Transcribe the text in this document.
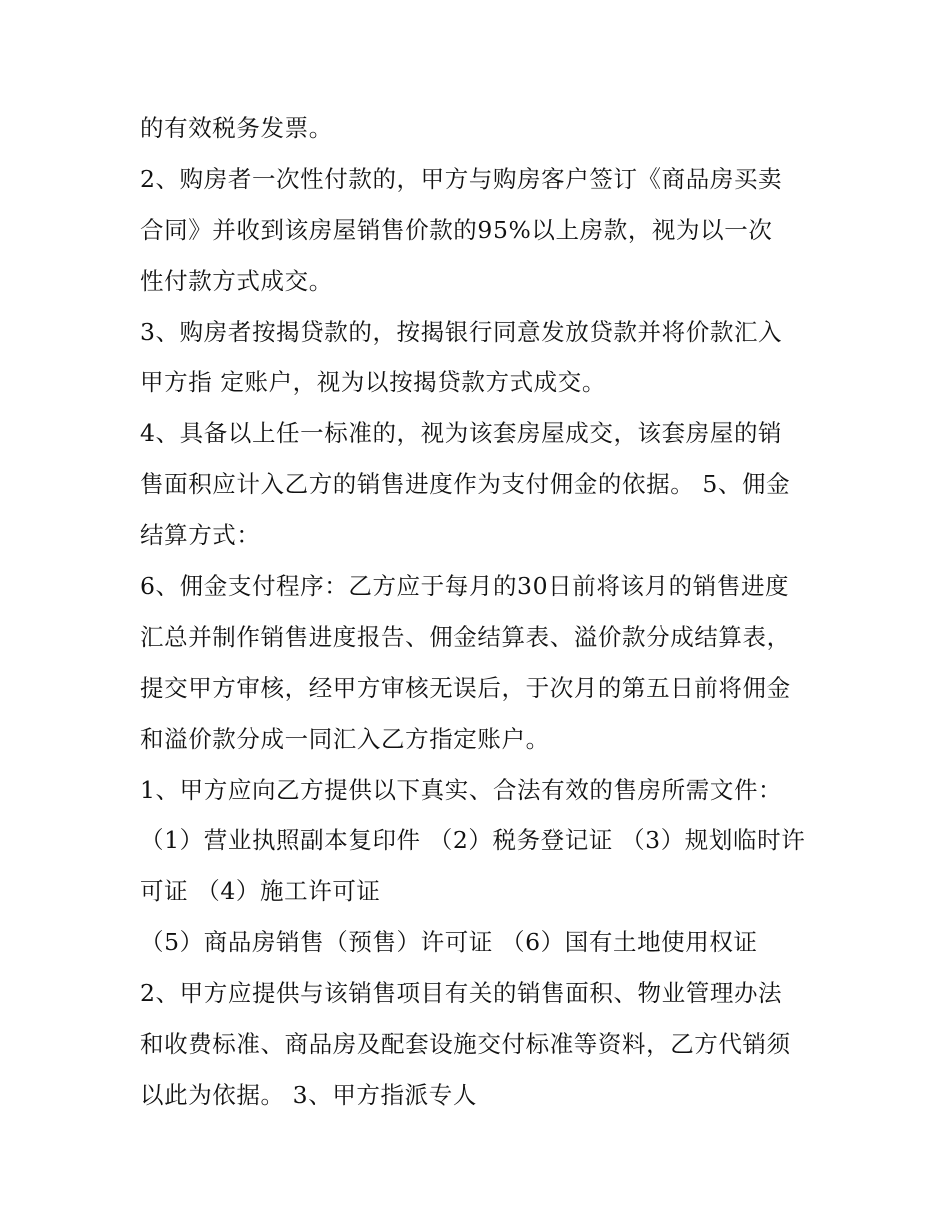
的有效税务发票。
2、购房者一次性付款的，甲方与购房客户签订《商品房买卖
合同》并收到该房屋销售价款的95%以上房款，视为以一次
性付款方式成交。
3、购房者按揭贷款的，按揭银行同意发放贷款并将价款汇入
甲方指 定账户，视为以按揭贷款方式成交。
4、具备以上任一标准的，视为该套房屋成交，该套房屋的销
售面积应计入乙方的销售进度作为支付佣金的依据。 5、佣金
结算方式：
6、佣金支付程序：乙方应于每月的30日前将该月的销售进度
汇总并制作销售进度报告、佣金结算表、溢价款分成结算表，
提交甲方审核，经甲方审核无误后，于次月的第五日前将佣金
和溢价款分成一同汇入乙方指定账户。
1、甲方应向乙方提供以下真实、合法有效的售房所需文件：
（1）营业执照副本复印件 （2）税务登记证 （3）规划临时许
可证 （4）施工许可证
（5）商品房销售（预售）许可证 （6）国有土地使用权证
2、甲方应提供与该销售项目有关的销售面积、物业管理办法
和收费标准、商品房及配套设施交付标准等资料，乙方代销须
以此为依据。 3、甲方指派专人
